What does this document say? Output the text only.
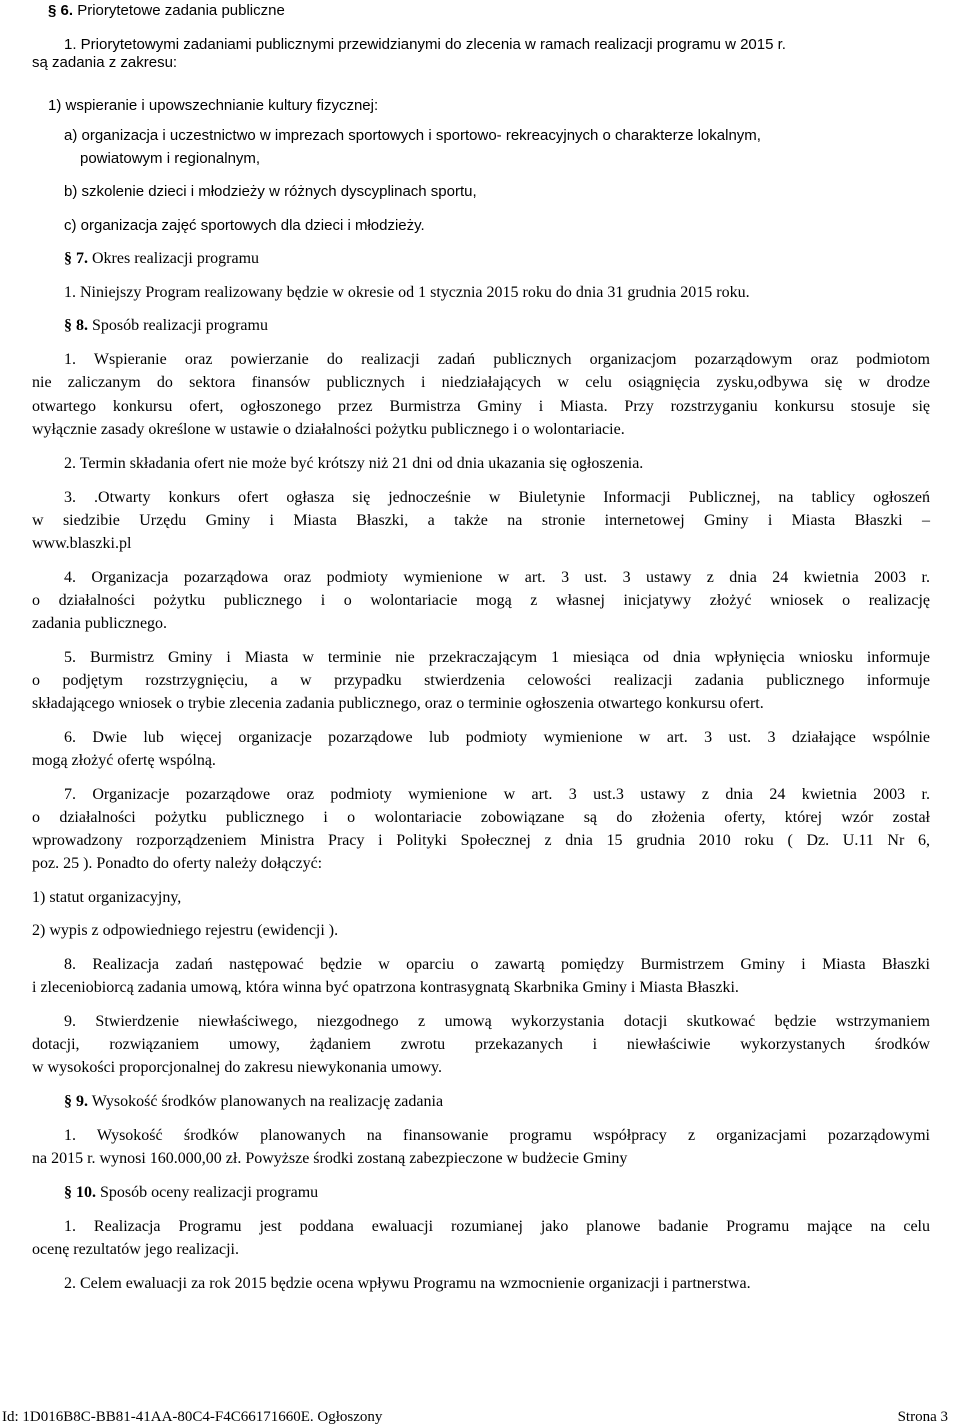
§ 6. Priorytetowe zadania publiczne
1. Priorytetowymi zadaniami publicznymi przewidzianymi do zlecenia w ramach realizacji programu w 2015 r.
są zadania z zakresu:
1) wspieranie i upowszechnianie kultury fizycznej:
a) organizacja i uczestnictwo w imprezach sportowych i sportowo- rekreacyjnych o charakterze lokalnym,
powiatowym i regionalnym,
b) szkolenie dzieci i młodzieży w różnych dyscyplinach sportu,
c) organizacja zajęć sportowych dla dzieci i młodzieży.
§ 7. Okres realizacji programu
1. Niniejszy Program realizowany będzie w okresie od 1 stycznia 2015 roku do dnia 31 grudnia 2015 roku.
§ 8. Sposób realizacji programu
1. Wspieranie oraz powierzanie do realizacji zadań publicznych organizacjom pozarządowym oraz podmiotom
nie zaliczanym do sektora finansów publicznych i niedziałających w celu osiągnięcia zysku,odbywa się w drodze
otwartego konkursu ofert, ogłoszonego przez Burmistrza Gminy i Miasta. Przy rozstrzyganiu konkursu stosuje się
wyłącznie zasady określone w ustawie o działalności pożytku publicznego i o wolontariacie.
2. Termin składania ofert nie może być krótszy niż 21 dni od dnia ukazania się ogłoszenia.
3. .Otwarty konkurs ofert ogłasza się jednocześnie w Biuletynie Informacji Publicznej, na tablicy ogłoszeń
w siedzibie Urzędu Gminy i Miasta Błaszki, a także na stronie internetowej Gminy i Miasta Błaszki –
www.blaszki.pl
4. Organizacja pozarządowa oraz podmioty wymienione w art. 3 ust. 3 ustawy z dnia 24 kwietnia 2003 r.
o działalności pożytku publicznego i o wolontariacie mogą z własnej inicjatywy złożyć wniosek o realizację
zadania publicznego.
5. Burmistrz Gminy i Miasta w terminie nie przekraczającym 1 miesiąca od dnia wpłynięcia wniosku informuje
o podjętym rozstrzygnięciu, a w przypadku stwierdzenia celowości realizacji zadania publicznego informuje
składającego wniosek o trybie zlecenia zadania publicznego, oraz o terminie ogłoszenia otwartego konkursu ofert.
6. Dwie lub więcej organizacje pozarządowe lub podmioty wymienione w art. 3 ust. 3 działające wspólnie
mogą złożyć ofertę wspólną.
7. Organizacje pozarządowe oraz podmioty wymienione w art. 3 ust.3 ustawy z dnia 24 kwietnia 2003 r.
o działalności pożytku publicznego i o wolontariacie zobowiązane są do złożenia oferty, której wzór został
wprowadzony rozporządzeniem Ministra Pracy i Polityki Społecznej z dnia 15 grudnia 2010 roku ( Dz. U.11 Nr 6,
poz. 25 ). Ponadto do oferty należy dołączyć:
1) statut organizacyjny,
2) wypis z odpowiedniego rejestru (ewidencji ).
8. Realizacja zadań następować będzie w oparciu o zawartą pomiędzy Burmistrzem Gminy i Miasta Błaszki
i zleceniobiorcą zadania umową, która winna być opatrzona kontrasygnatą Skarbnika Gminy i Miasta Błaszki.
9. Stwierdzenie niewłaściwego, niezgodnego z umową wykorzystania dotacji skutkować będzie wstrzymaniem
dotacji, rozwiązaniem umowy, żądaniem zwrotu przekazanych i niewłaściwie wykorzystanych środków
w wysokości proporcjonalnej do zakresu niewykonania umowy.
§ 9. Wysokość środków planowanych na realizację zadania
1. Wysokość środków planowanych na finansowanie programu współpracy z organizacjami pozarządowymi
na 2015 r. wynosi 160.000,00 zł. Powyższe środki zostaną zabezpieczone w budżecie Gminy
§ 10. Sposób oceny realizacji programu
1. Realizacja Programu jest poddana ewaluacji rozumianej jako planowe badanie Programu mające na celu
ocenę rezultatów jego realizacji.
2. Celem ewaluacji za rok 2015 będzie ocena wpływu Programu na wzmocnienie organizacji i partnerstwa.
Id: 1D016B8C-BB81-41AA-80C4-F4C66171660E. Ogłoszony	Strona 3
